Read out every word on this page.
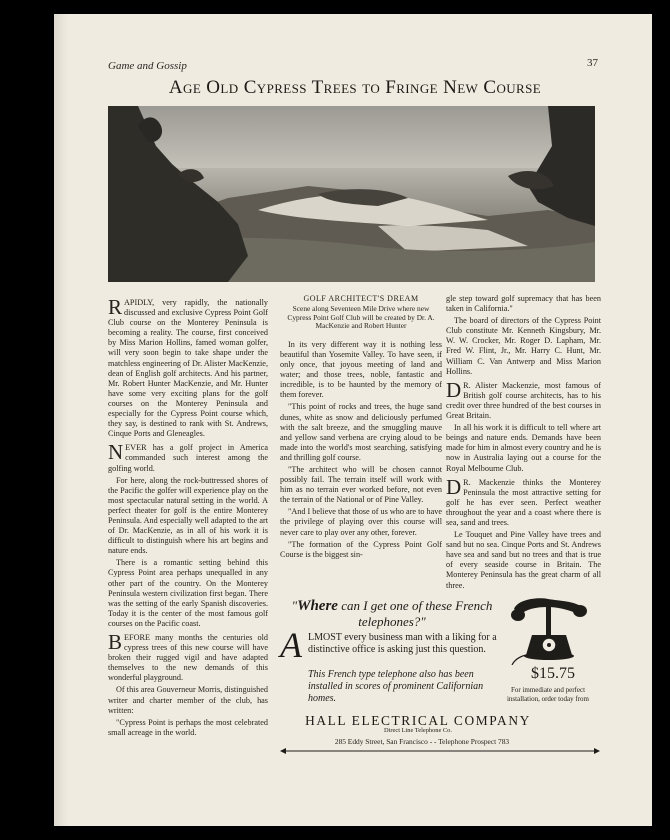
Game and Gossip	37
Age Old Cypress Trees to Fringe New Course

RAPIDLY, very rapidly, the nationally discussed and exclusive Cypress Point Golf Club course on the Monterey Peninsula is becoming a reality. The course, first conceived by Miss Marion Hollins, famed woman golfer, will very soon begin to take shape under the matchless engineering of Dr. Alister MacKenzie, dean of English golf architects. And his partner, Mr. Robert Hunter MacKenzie, and Mr. Hunter have some very exciting plans for the golf courses on the Monterey Peninsula and especially for the Cypress Point course which, they say, is destined to rank with St. Andrews, Cinque Ports and Gleneagles.

NEVER has a golf project in America commanded such interest among the golfing world.

For here, along the rock-buttressed shores of the Pacific the golfer will experience play on the most spectacular natural setting in the world. A perfect theater for golf is the entire Monterey Peninsula. And especially well adapted to the art of Dr. MacKenzie, as in all of his work it is difficult to distinguish where his art begins and nature ends.

There is a romantic setting behind this Cypress Point area perhaps unequalled in any other part of the country. On the Monterey Peninsula western civilization first began. There was the setting of the early Spanish discoveries. Today it is the center of the most famous golf courses on the Pacific coast.

BEFORE many months the centuries old cypress trees of this new course will have broken their rugged vigil and have adapted themselves to the new demands of this wonderful playground.

Of this area Gouverneur Morris, distinguished writer and charter member of the club, has written:

"Cypress Point is perhaps the most celebrated small acreage in the world.

GOLF ARCHITECT'S DREAM
Scene along Seventeen Mile Drive where new Cypress Point Golf Club will be created by Dr. A. MacKenzie and Robert Hunter

In its very different way it is nothing less beautiful than Yosemite Valley. To have seen, if only once, that joyous meeting of land and water; and those trees, noble, fantastic and incredible, is to be haunted by the memory of them forever.

"This point of rocks and trees, the huge sand dunes, white as snow and deliciously perfumed with the salt breeze, and the smuggling mauve and yellow sand verbena are crying aloud to be made into the world's most searching, satisfying and thrilling golf course.

"The architect who will be chosen cannot possibly fail. The terrain itself will work with him as no terrain ever worked before, not even the terrain of the National or of Pine Valley.

"And I believe that those of us who are to have the privilege of playing over this course will never care to play over any other, forever.

"The formation of the Cypress Point Golf Course is the biggest sin-

gle step toward golf supremacy that has been taken in California."

The board of directors of the Cypress Point Club constitute Mr. Kenneth Kingsbury, Mr. W. W. Crocker, Mr. Roger D. Lapham, Mr. Fred W. Flint, Jr., Mr. Harry C. Hunt, Mr. William C. Van Antwerp and Miss Marion Hollins.

D R. Alister Mackenzie, most famous of British golf course architects, has to his credit over three hundred of the best courses in Great Britain.

In all his work it is difficult to tell where art beings and nature ends. Demands have been made for him in almost every country and he is now in Australia laying out a course for the Royal Melbourne Club.

D R. Mackenzie thinks the Monterey Peninsula the most attractive setting for golf he has ever seen. Perfect weather throughout the year and a coast where there is sea, sand and trees.

Le Touquet and Pine Valley have trees and sand but no sea. Cinque Ports and St. Andrews have sea and sand but no trees and that is true of every seaside course in Britain. The Monterey Peninsula has the great charm of all three.

"Where can I get one of these French telephones?"
A LMOST every business man with a liking for a distinctive office is asking just this question.
This French type telephone also has been installed in scores of prominent Californian homes.
$15.75
For immediate and perfect installation, order today from
HALL ELECTRICAL COMPANY
Direct Line Telephone Co.
285 Eddy Street, San Francisco - - Telephone Prospect 783
